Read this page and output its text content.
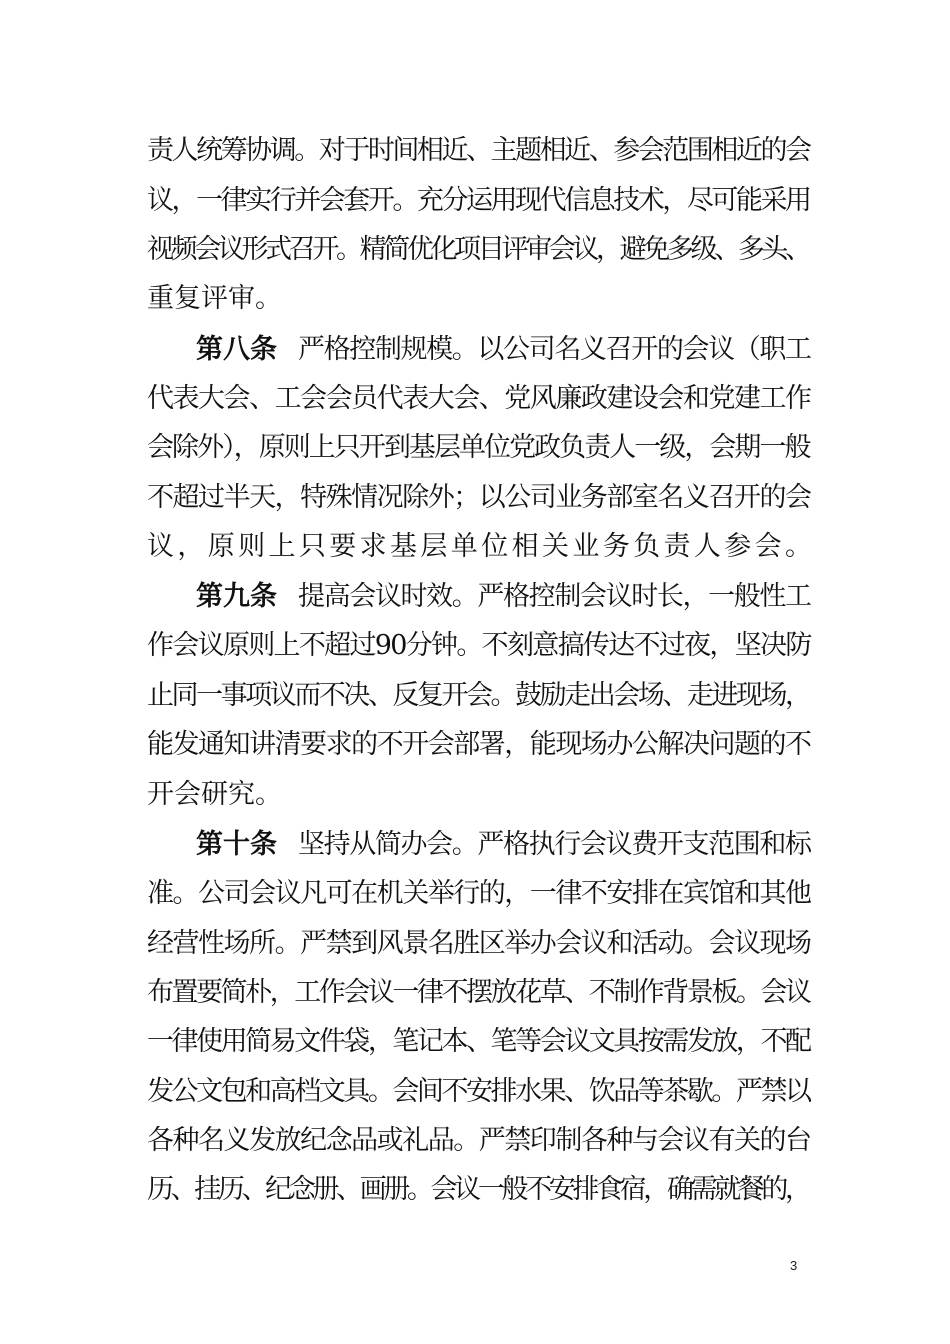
责人统筹协调。对于时间相近、主题相近、参会范围相近的会
议，一律实行并会套开。充分运用现代信息技术，尽可能采用
视频会议形式召开。精简优化项目评审会议，避免多级、多头、
重复评审。
第八条 严格控制规模。以公司名义召开的会议（职工
代表大会、工会会员代表大会、党风廉政建设会和党建工作
会除外），原则上只开到基层单位党政负责人一级，会期一般
不超过半天，特殊情况除外；以公司业务部室名义召开的会
议，原则上只要求基层单位相关业务负责人参会。
第九条 提高会议时效。严格控制会议时长，一般性工
作会议原则上不超过90分钟。不刻意搞传达不过夜，坚决防
止同一事项议而不决、反复开会。鼓励走出会场、走进现场，
能发通知讲清要求的不开会部署，能现场办公解决问题的不
开会研究。
第十条 坚持从简办会。严格执行会议费开支范围和标
准。公司会议凡可在机关举行的，一律不安排在宾馆和其他
经营性场所。严禁到风景名胜区举办会议和活动。会议现场
布置要简朴，工作会议一律不摆放花草、不制作背景板。会议
一律使用简易文件袋，笔记本、笔等会议文具按需发放，不配
发公文包和高档文具。会间不安排水果、饮品等茶歇。严禁以
各种名义发放纪念品或礼品。严禁印制各种与会议有关的台
历、挂历、纪念册、画册。会议一般不安排食宿，确需就餐的，
3
